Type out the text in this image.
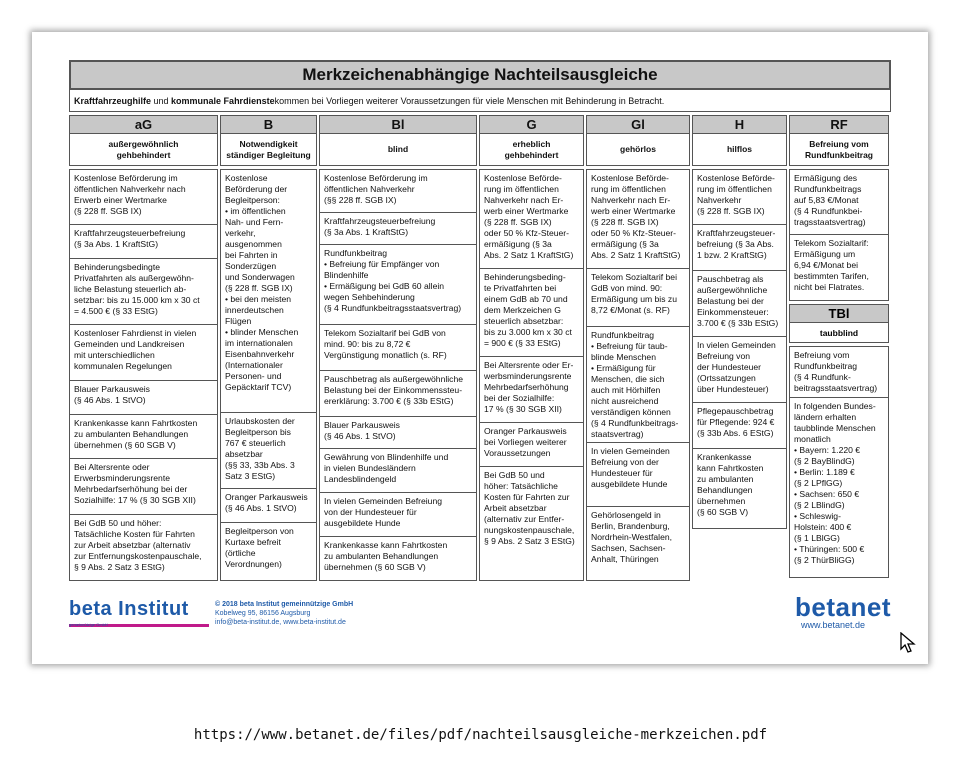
Merkzeichenabhängige Nachteilsausgleiche
Kraftfahrzeughilfe und kommunale Fahrdienste kommen bei Vorliegen weiterer Voraussetzungen für viele Menschen mit Behinderung in Betracht.
aG
außergewöhnlich
gehbehindert
Kostenlose Beförderung im
öffentlichen Nahverkehr nach
Erwerb einer Wertmarke
(§ 228 ff. SGB IX)
Kraftfahrzeugsteuerbefreiung
(§ 3a Abs. 1 KraftStG)
Behinderungsbedingte
Privatfahrten als außergewöhn-
liche Belastung steuerlich ab-
setzbar: bis zu 15.000 km x 30 ct
= 4.500 € (§ 33 EStG)
Kostenloser Fahrdienst in vielen
Gemeinden und Landkreisen
mit unterschiedlichen
kommunalen Regelungen
Blauer Parkausweis
(§ 46 Abs. 1 StVO)
Krankenkasse kann Fahrtkosten
zu ambulanten Behandlungen
übernehmen (§ 60 SGB V)
Bei Altersrente oder
Erwerbsminderungsrente
Mehrbedarfserhöhung bei der
Sozialhilfe: 17 % (§ 30 SGB XII)
Bei GdB 50 und höher:
Tatsächliche Kosten für Fahrten
zur Arbeit absetzbar (alternativ
zur Entfernungskostenpauschale,
§ 9 Abs. 2 Satz 3 EStG)
B
Notwendigkeit
ständiger Begleitung
Kostenlose
Beförderung der
Begleitperson:
• im öffentlichen
Nah- und Fern-
verkehr,
ausgenommen
bei Fahrten in
Sonderzügen
und Sonderwagen
(§ 228 ff. SGB IX)
• bei den meisten
innerdeutschen
Flügen
• blinder Menschen
im internationalen
Eisenbahnverkehr
(Internationaler
Personen- und
Gepäcktarif TCV)
Urlaubskosten der
Begleitperson bis
767 € steuerlich
absetzbar
(§§ 33, 33b Abs. 3
Satz 3 EStG)
Oranger Parkausweis
(§ 46 Abs. 1 StVO)
Begleitperson von
Kurtaxe befreit
(örtliche
Verordnungen)
Bl
blind
Kostenlose Beförderung im
öffentlichen Nahverkehr
(§§ 228 ff. SGB IX)
Kraftfahrzeugsteuerbefreiung
(§ 3a Abs. 1 KraftStG)
Rundfunkbeitrag
• Befreiung für Empfänger von
Blindenhilfe
• Ermäßigung bei GdB 60 allein
wegen Sehbehinderung
(§ 4 Rundfunkbeitragsstaatsvertrag)
Telekom Sozialtarif bei GdB von
mind. 90: bis zu 8,72 €
Vergünstigung monatlich (s. RF)
Pauschbetrag als außergewöhnliche
Belastung bei der Einkommenssteu-
ererklärung: 3.700 € (§ 33b EStG)
Blauer Parkausweis
(§ 46 Abs. 1 StVO)
Gewährung von Blindenhilfe und
in vielen Bundesländern
Landesblindengeld
In vielen Gemeinden Befreiung
von der Hundesteuer für
ausgebildete Hunde
Krankenkasse kann Fahrtkosten
zu ambulanten Behandlungen
übernehmen (§ 60 SGB V)
G
erheblich
gehbehindert
Kostenlose Beförde-
rung im öffentlichen
Nahverkehr nach Er-
werb einer Wertmarke
(§ 228 ff. SGB IX)
oder 50 % Kfz-Steuer-
ermäßigung (§ 3a
Abs. 2 Satz 1 KraftStG)
Behinderungsbeding-
te Privatfahrten bei
einem GdB ab 70 und
dem Merkzeichen G
steuerlich absetzbar:
bis zu 3.000 km x 30 ct
= 900 € (§ 33 EStG)
Bei Altersrente oder Er-
werbsminderungsrente
Mehrbedarfserhöhung
bei der Sozialhilfe:
17 % (§ 30 SGB XII)
Oranger Parkausweis
bei Vorliegen weiterer
Voraussetzungen
Bei GdB 50 und
höher: Tatsächliche
Kosten für Fahrten zur
Arbeit absetzbar
(alternativ zur Entfer-
nungskostenpauschale,
§ 9 Abs. 2 Satz 3 EStG)
Gl
gehörlos
Kostenlose Beförde-
rung im öffentlichen
Nahverkehr nach Er-
werb einer Wertmarke
(§ 228 ff. SGB IX)
oder 50 % Kfz-Steuer-
ermäßigung (§ 3a
Abs. 2 Satz 1 KraftStG)
Telekom Sozialtarif bei
GdB von mind. 90:
Ermäßigung um bis zu
8,72 €/Monat (s. RF)
Rundfunkbeitrag
• Befreiung für taub-
blinde Menschen
• Ermäßigung für
Menschen, die sich
auch mit Hörhilfen
nicht ausreichend
verständigen können
(§ 4 Rundfunkbeitrags-
staatsvertrag)
In vielen Gemeinden
Befreiung von der
Hundesteuer für
ausgebildete Hunde
Gehörlosengeld in
Berlin, Brandenburg,
Nordrhein-Westfalen,
Sachsen, Sachsen-
Anhalt, Thüringen
H
hilflos
Kostenlose Beförde-
rung im öffentlichen
Nahverkehr
(§ 228 ff. SGB IX)
Kraftfahrzeugsteuer-
befreiung (§ 3a Abs.
1 bzw. 2 KraftStG)
Pauschbetrag als
außergewöhnliche
Belastung bei der
Einkommensteuer:
3.700 € (§ 33b EStG)
In vielen Gemeinden
Befreiung von
der Hundesteuer
(Ortssatzungen
über Hundesteuer)
Pflegepauschbetrag
für Pflegende: 924 €
(§ 33b Abs. 6 EStG)
Krankenkasse
kann Fahrtkosten
zu ambulanten
Behandlungen
übernehmen
(§ 60 SGB V)
RF
Befreiung vom
Rundfunkbeitrag
Ermäßigung des
Rundfunkbeitrags
auf 5,83 €/Monat
(§ 4 Rundfunkbei-
tragsstaatsvertrag)
Telekom Sozialtarif:
Ermäßigung um
6,94 €/Monat bei
bestimmten Tarifen,
nicht bei Flatrates.
TBl
taubblind
Befreiung vom
Rundfunkbeitrag
(§ 4 Rundfunk-
beitragsstaatsvertrag)
In folgenden Bundes-
ländern erhalten
taubblinde Menschen
monatlich
• Bayern: 1.220 €
(§ 2 BayBlindG)
• Berlin: 1.189 €
(§ 2 LPflGG)
• Sachsen: 650 €
(§ 2 LBlindG)
• Schleswig-
Holstein: 400 €
(§ 1 LBlGG)
• Thüringen: 500 €
(§ 2 ThürBliGG)
beta Institut
gemeinnützige GmbH
© 2018 beta Institut gemeinnützige GmbH
Kobelweg 95, 86156 Augsburg
info@beta-institut.de, www.beta-institut.de
betanet
www.betanet.de
https://www.betanet.de/files/pdf/nachteilsausgleiche-merkzeichen.pdf
